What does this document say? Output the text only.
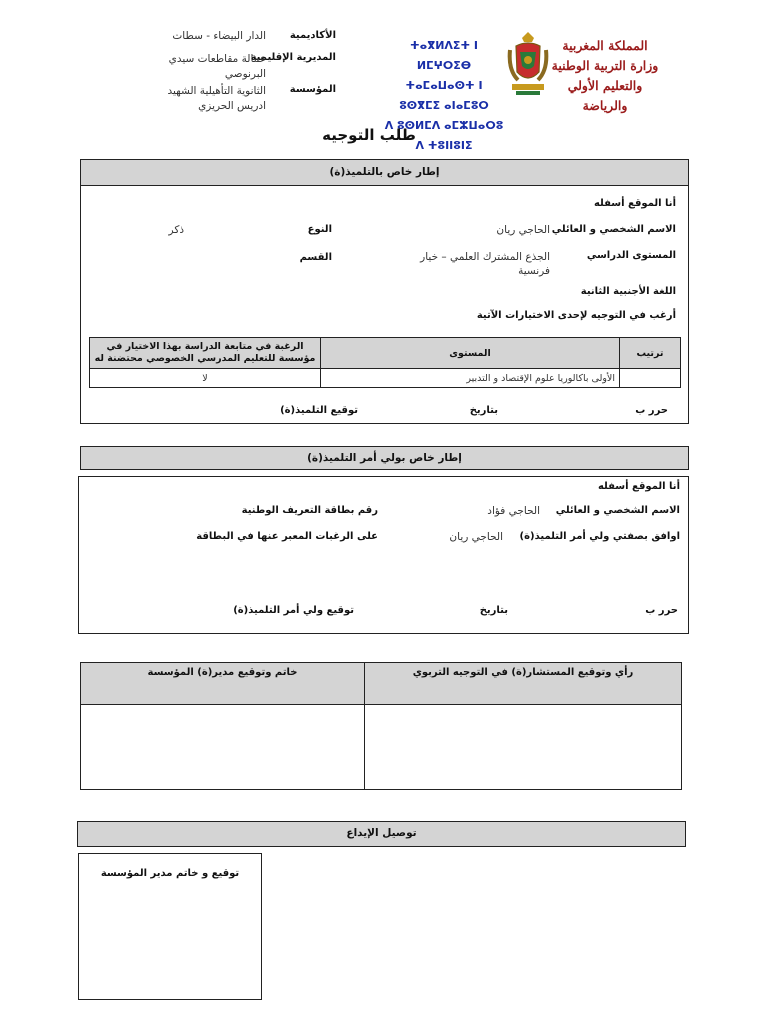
الأكاديمية
الدار البيضاء - سطات
المديرية الإقليمية
عمالة مقاطعات سيدي البرنوصي
المؤسسة
الثانوية التأهيلية الشهيد ادريس الحريزي
ⵜⴰⴳⵍⴷⵉⵜ ⵏ ⵍⵎⵖⵔⵉⴱ
ⵜⴰⵎⴰⵡⴰⵙⵜ ⵏ ⵓⵙⴳⵎⵉ ⴰⵏⴰⵎⵓⵔ
ⴷ ⵓⵙⵍⵎⴷ ⴰⵎⵣⵡⴰⵔⵓ ⴷ ⵜⵓⵏⵏⵓⵏⵉ
المملكة المغربية
وزارة التربية الوطنية
والتعليم الأولي والرياضة
طلب التوجيه
إطار خاص بالتلميذ(ة)
أنا الموقع أسفله
الاسم الشخصي و العائلي
الحاجي ريان
النوع
ذكر
المستوى الدراسي
الجذع المشترك العلمي – خيار فرنسية
القسم
اللغة الأجنبية الثانية
أرغب في التوجيه لإحدى الاختيارات الآتية
ترتيب	المستوى	الرغبة في متابعة الدراسة بهذا الاختيار في مؤسسة للتعليم المدرسي الخصوصي محتضنة له
	الأولى باكالوريا علوم الإقتصاد و التدبير	لا
حرر ب
بتاريخ
توقيع التلميذ(ة)
إطار خاص بولي أمر التلميذ(ة)
أنا الموقع أسفله
الاسم الشخصي و العائلي
الحاجي فؤاد
رقم بطاقة التعريف الوطنية
اوافق بصفتي ولي أمر التلميذ(ة)
الحاجي ريان
على الرغبات المعبر عنها في البطاقة
حرر ب
بتاريخ
توقيع ولي أمر التلميذ(ة)
خاتم وتوقيع مدير(ة) المؤسسة	رأي وتوقيع المستشار(ة) في التوجيه التربوي
توصيل الإيداع
توقيع و خاتم مدير المؤسسة
